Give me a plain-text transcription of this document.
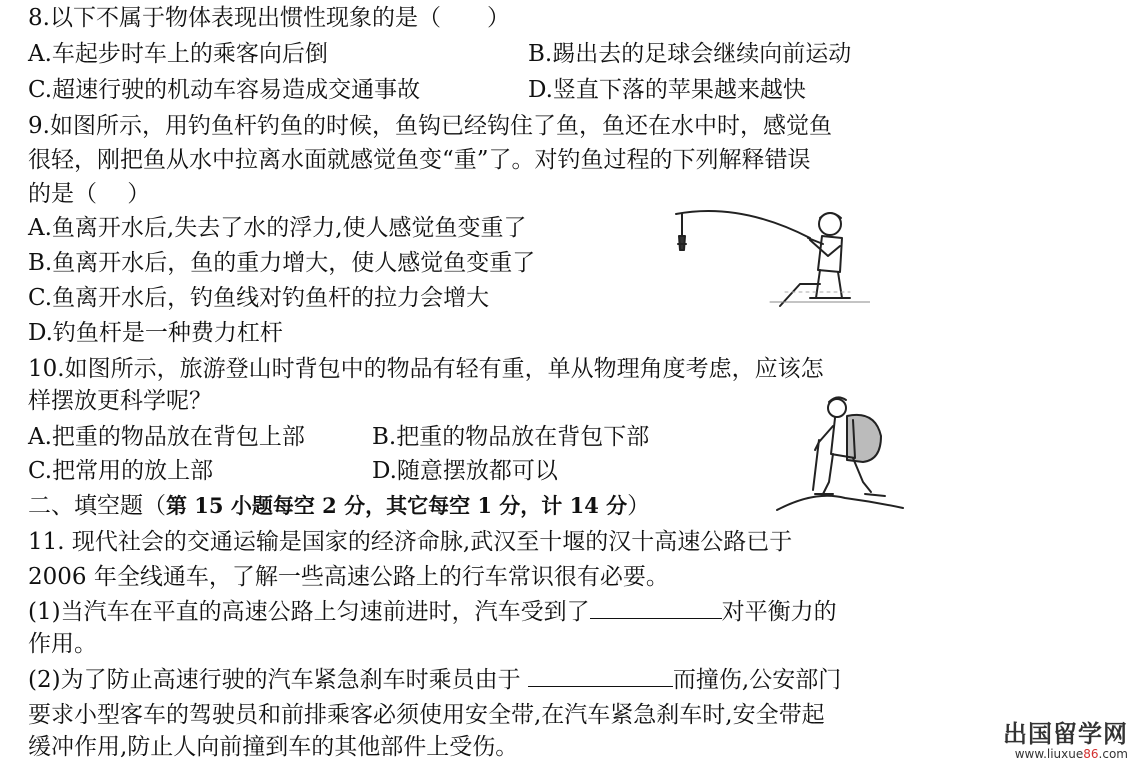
8.以下不属于物体表现出惯性现象的是（　　）
A.车起步时车上的乘客向后倒	B.踢出去的足球会继续向前运动
C.超速行驶的机动车容易造成交通事故	D.竖直下落的苹果越来越快
9.如图所示，用钓鱼杆钓鱼的时候，鱼钩已经钩住了鱼，鱼还在水中时，感觉鱼
很轻，刚把鱼从水中拉离水面就感觉鱼变“重”了。对钓鱼过程的下列解释错误
的是（　 ）
A.鱼离开水后,失去了水的浮力,使人感觉鱼变重了
B.鱼离开水后，鱼的重力增大，使人感觉鱼变重了
C.鱼离开水后，钓鱼线对钓鱼杆的拉力会增大
D.钓鱼杆是一种费力杠杆
10.如图所示，旅游登山时背包中的物品有轻有重，单从物理角度考虑，应该怎
样摆放更科学呢？
A.把重的物品放在背包上部	B.把重的物品放在背包下部
C.把常用的放上部	D.随意摆放都可以
二、填空题（第 15 小题每空 2 分，其它每空 1 分，计 14 分）
11. 现代社会的交通运输是国家的经济命脉,武汉至十堰的汉十高速公路已于
2006 年全线通车，了解一些高速公路上的行车常识很有必要。
(1)当汽车在平直的高速公路上匀速前进时，汽车受到了	对平衡力的
作用。
(2)为了防止高速行驶的汽车紧急刹车时乘员由于	而撞伤,公安部门
要求小型客车的驾驶员和前排乘客必须使用安全带,在汽车紧急刹车时,安全带起
缓冲作用,防止人向前撞到车的其他部件上受伤。	出国留学网
www.liuxue86.com
